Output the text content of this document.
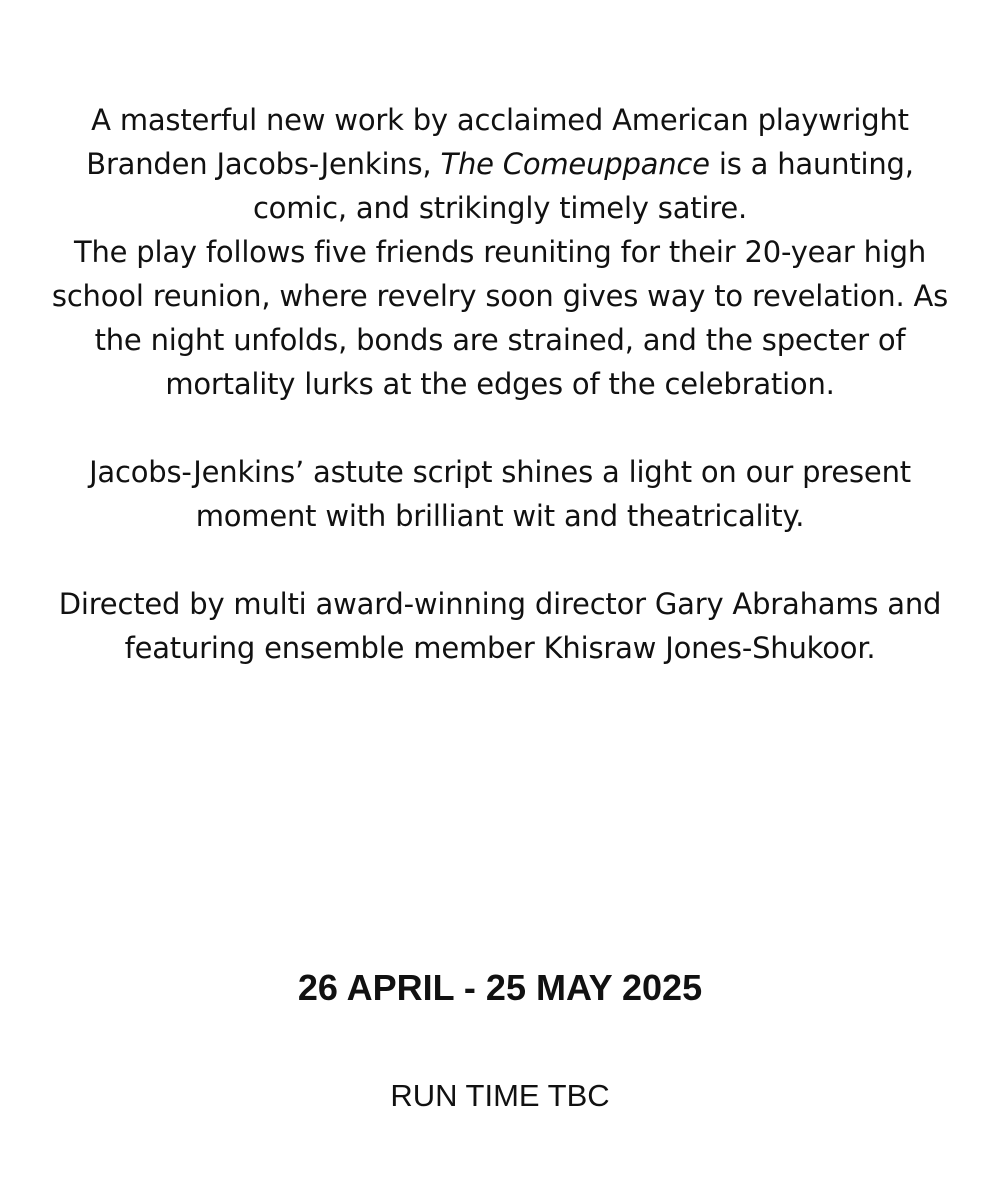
A masterful new work by acclaimed American playwright Branden Jacobs-Jenkins, The Comeuppance is a haunting, comic, and strikingly timely satire.

The play follows five friends reuniting for their 20-year high school reunion, where revelry soon gives way to revelation. As the night unfolds, bonds are strained, and the specter of mortality lurks at the edges of the celebration.

Jacobs-Jenkins’ astute script shines a light on our present moment with brilliant wit and theatricality.

Directed by multi award-winning director Gary Abrahams and featuring ensemble member Khisraw Jones-Shukoor.

26 APRIL - 25 MAY 2025
RUN TIME TBC
